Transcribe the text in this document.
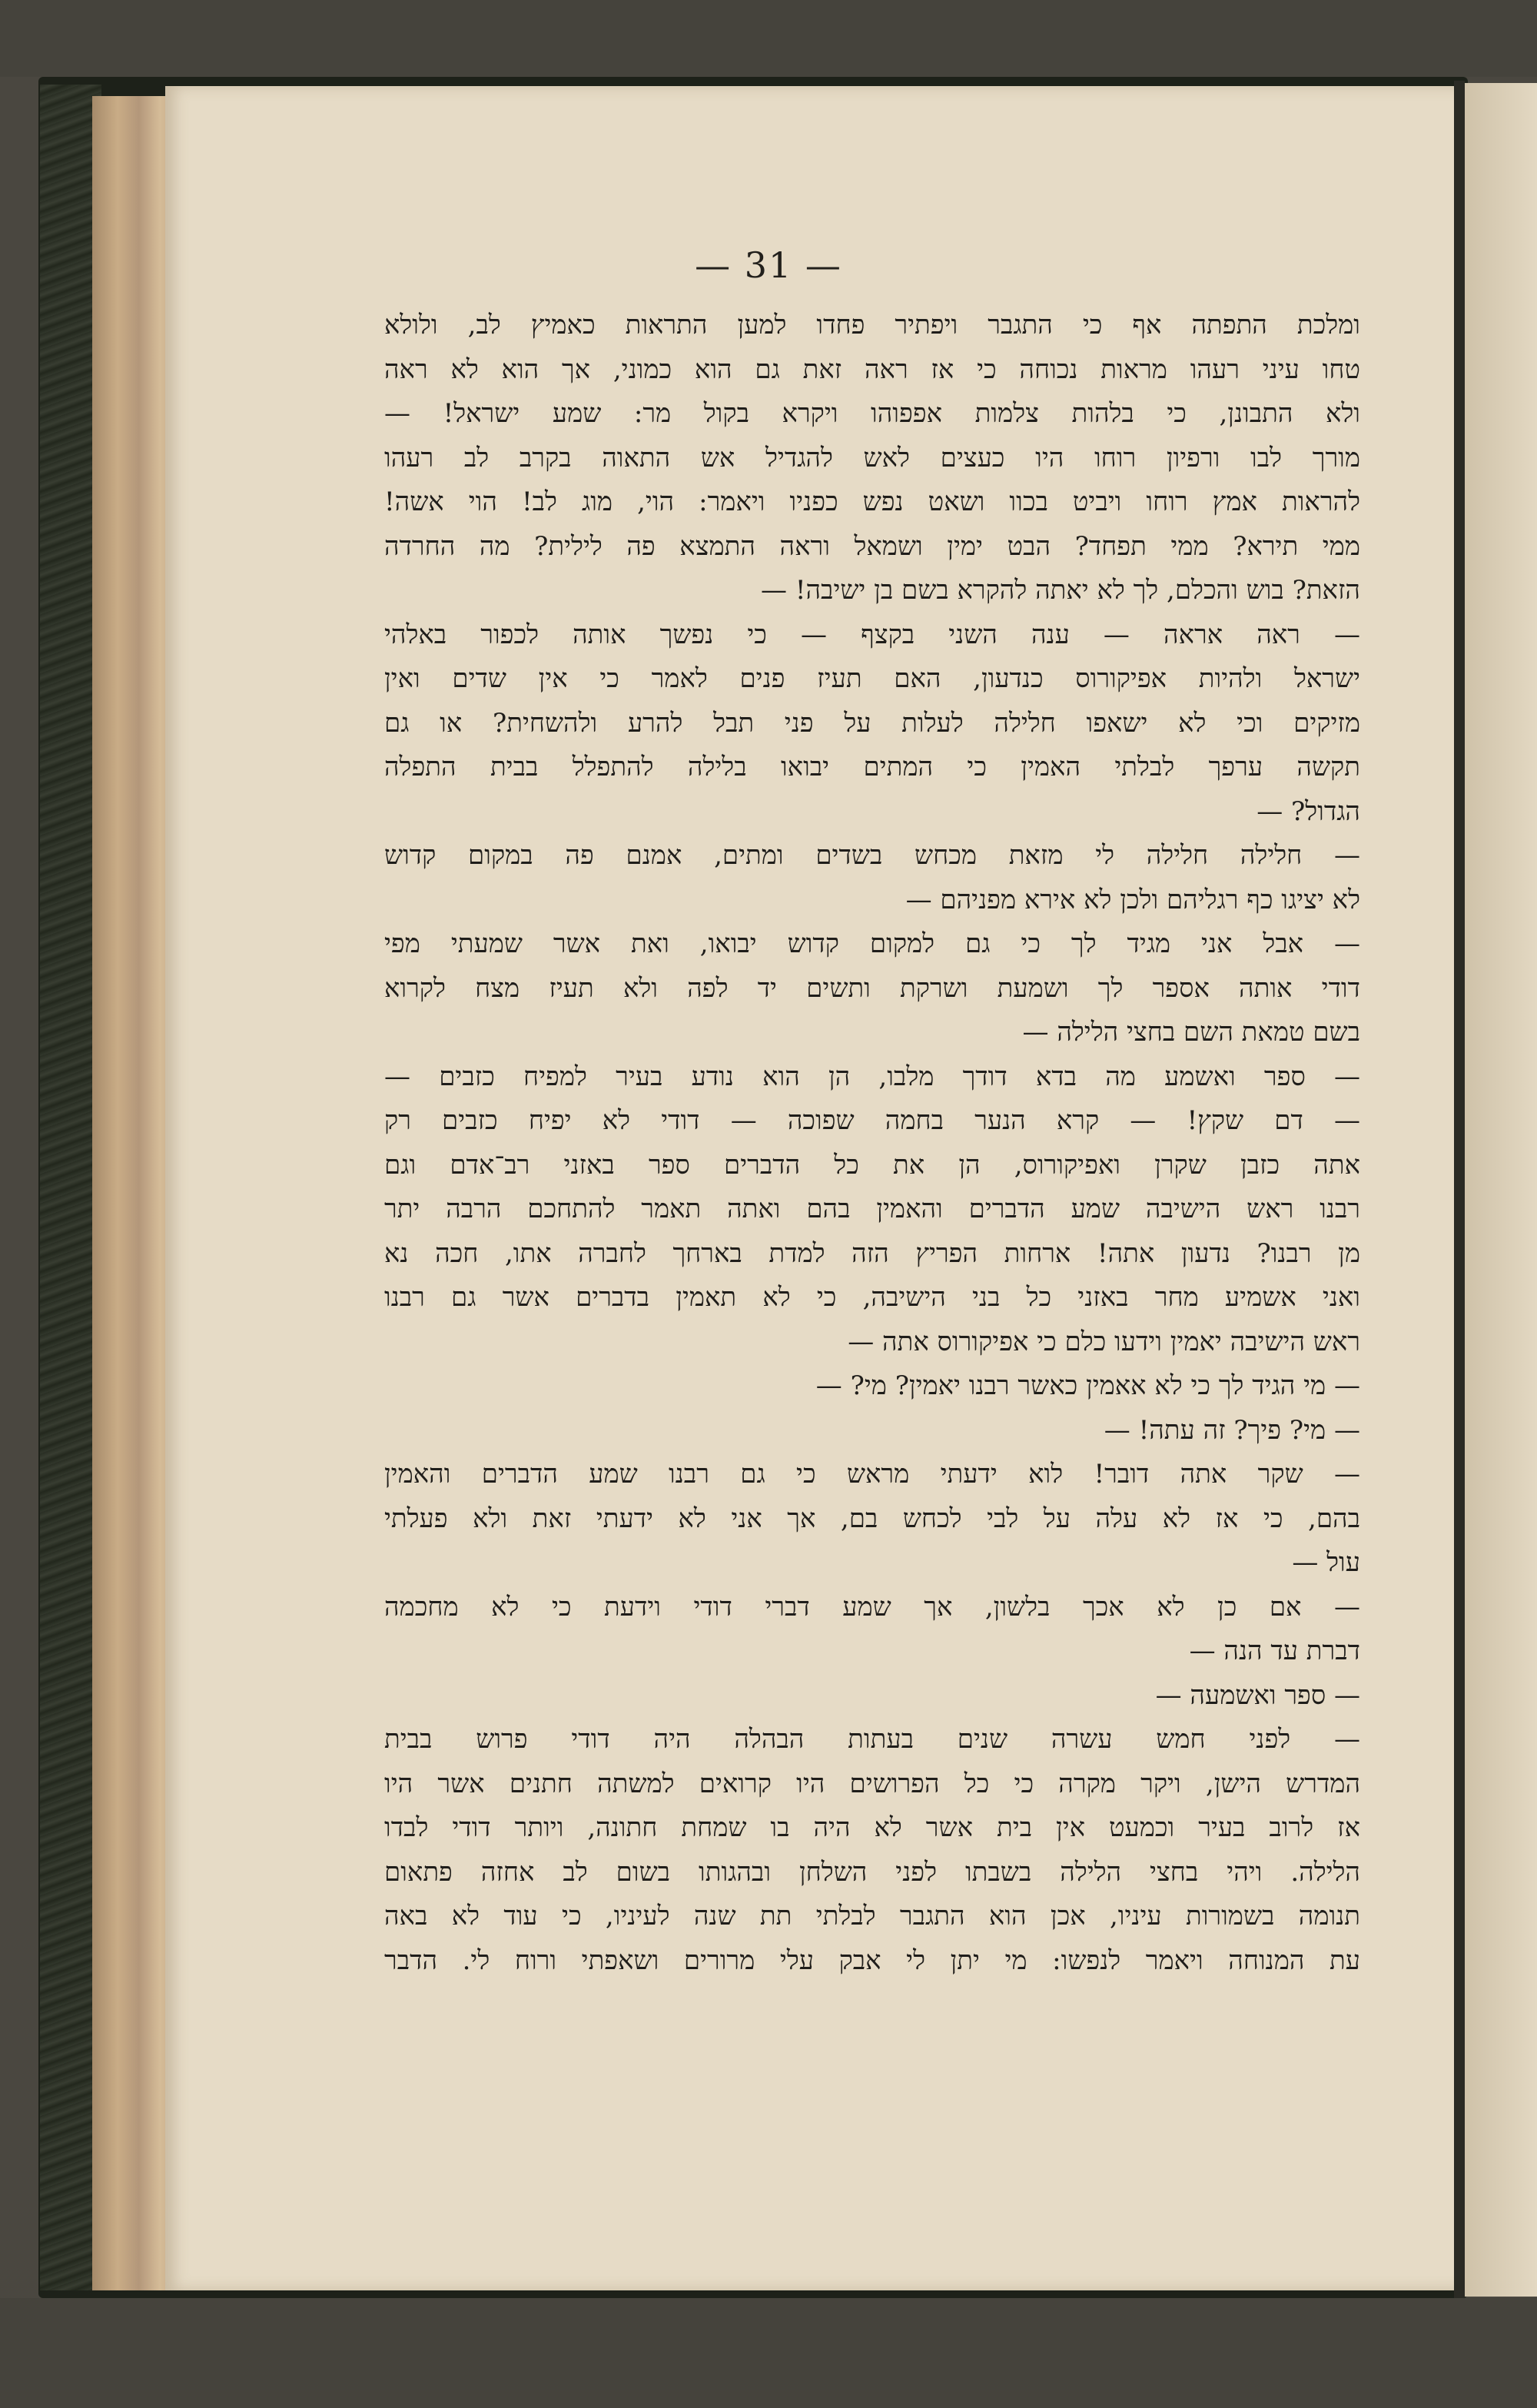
— 31 —
ומלכת התפתה אף כי התגבר ויפתיר פחדו למען התראות כאמיץ לב, ולולא
טחו עיני רעהו מראות נכוחה כי אז ראה זאת גם הוא כמוני, אך הוא לא ראה
ולא התבונן, כי בלהות צלמות אפפוהו ויקרא בקול מר: שמע ישראל! —
מורך לבו ורפיון רוחו היו כעצים לאש להגדיל אש התאוה בקרב לב רעהו
להראות אמץ רוחו ויביט בכוו ושאט נפש כפניו ויאמר: הוי, מוג לב! הוי אשה!
ממי תירא? ממי תפחד? הבט ימין ושמאל וראה התמצא פה לילית? מה החרדה
הזאת? בוש והכלם, לך לא יאתה להקרא בשם בן ישיבה! —
— ראה אראה — ענה השני בקצף — כי נפשך אותה לכפור באלהי
ישראל ולהיות אפיקורוס כנדעון, האם תעיז פנים לאמר כי אין שדים ואין
מזיקים וכי לא ישאפו חלילה לעלות על פני תבל להרע ולהשחית? או גם
תקשה ערפך לבלתי האמין כי המתים יבואו בלילה להתפלל בבית התפלה
הגדול? —
— חלילה חלילה לי מזאת מכחש בשדים ומתים, אמנם פה במקום קדוש
לא יציגו כף רגליהם ולכן לא אירא מפניהם —
— אבל אני מגיד לך כי גם למקום קדוש יבואו, ואת אשר שמעתי מפי
דודי אותה אספר לך ושמעת ושרקת ותשים יד לפה ולא תעיז מצח לקרוא
בשם טמאת השם בחצי הלילה —
— ספר ואשמע מה בדא דודך מלבו, הן הוא נודע בעיר למפיח כזבים —
— דם שקץ! — קרא הנער בחמה שפוכה — דודי לא יפיח כזבים רק
אתה כזבן שקרן ואפיקורוס, הן את כל הדברים ספר באזני רב־אדם וגם
רבנו ראש הישיבה שמע הדברים והאמין בהם ואתה תאמר להתחכם הרבה יתר
מן רבנו? נדעון אתה! ארחות הפריץ הזה למדת בארחך לחברה אתו, חכה נא
ואני אשמיע מחר באזני כל בני הישיבה, כי לא תאמין בדברים אשר גם רבנו
ראש הישיבה יאמין וידעו כלם כי אפיקורוס אתה —
— מי הגיד לך כי לא אאמין כאשר רבנו יאמין? מי? —
— מי? פיך? זה עתה! —
— שקר אתה דובר! לוא ידעתי מראש כי גם רבנו שמע הדברים והאמין
בהם, כי אז לא עלה על לבי לכחש בם, אך אני לא ידעתי זאת ולא פעלתי
עול —
— אם כן לא אכך בלשון, אך שמע דברי דודי וידעת כי לא מחכמה
דברת עד הנה —
— ספר ואשמעה —
— לפני חמש עשרה שנים בעתות הבהלה היה דודי פרוש בבית
המדרש הישן, ויקר מקרה כי כל הפרושים היו קרואים למשתה חתנים אשר היו
אז לרוב בעיר וכמעט אין בית אשר לא היה בו שמחת חתונה, ויותר דודי לבדו
הלילה. ויהי בחצי הלילה בשבתו לפני השלחן ובהגותו בשום לב אחזה פתאום
תנומה בשמורות עיניו, אכן הוא התגבר לבלתי תת שנה לעיניו, כי עוד לא באה
עת המנוחה ויאמר לנפשו: מי יתן לי אבק עלי מרורים ושאפתי ורוח לי. הדבר
